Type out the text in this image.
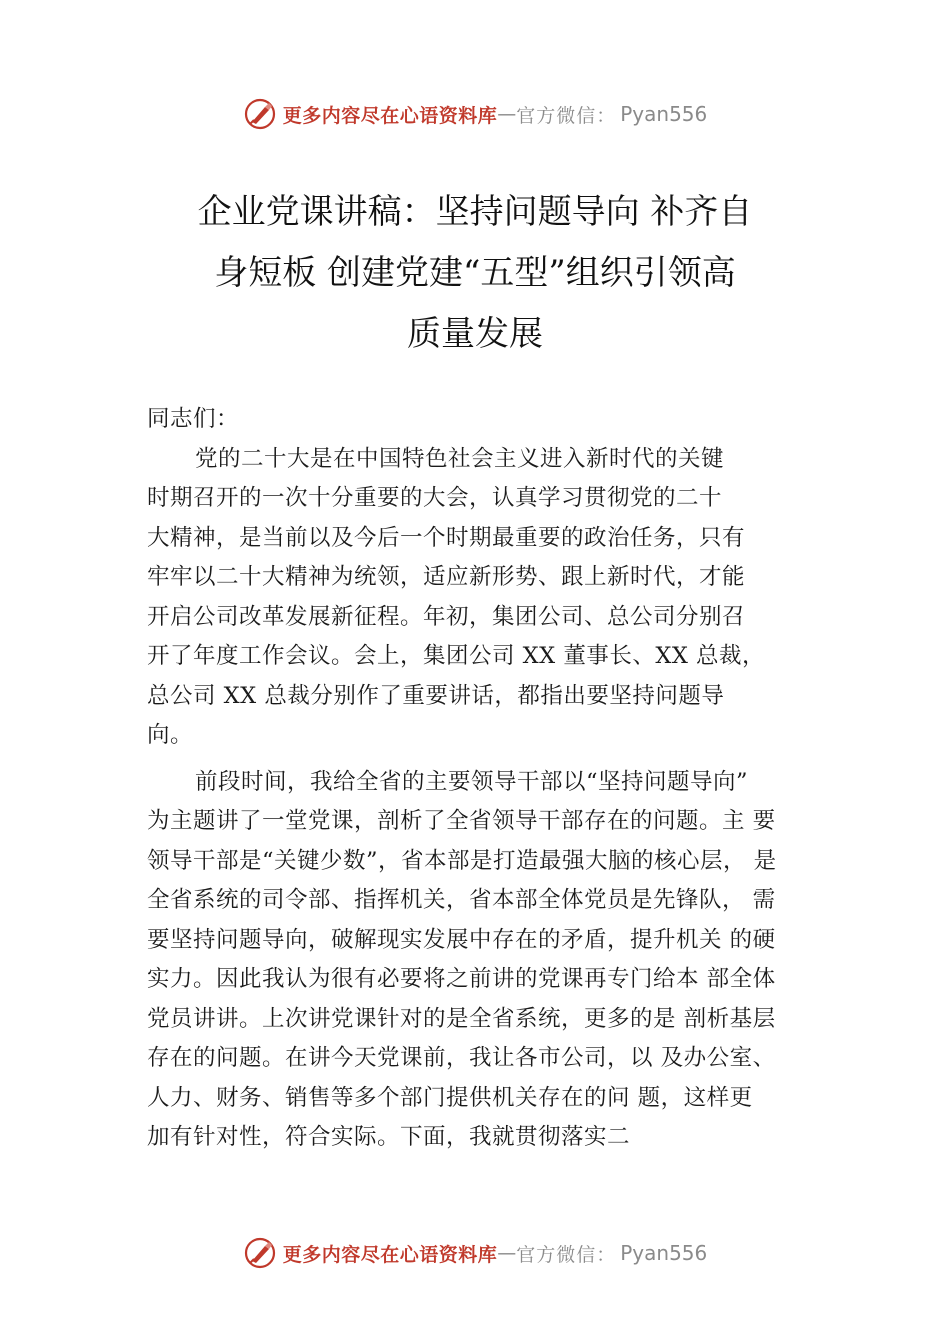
更多内容尽在心语资料库 — 官方微信： Pyan556
企业党课讲稿：坚持问题导向 补齐自
身短板 创建党建“五型”组织引领高
质量发展
同志们：
党的二十大是在中国特色社会主义进入新时代的关键
时期召开的一次十分重要的大会，认真学习贯彻党的二十
大精神，是当前以及今后一个时期最重要的政治任务，只有
牢牢以二十大精神为统领，适应新形势、跟上新时代，才能
开启公司改革发展新征程。年初，集团公司、总公司分别召
开了年度工作会议。会上，集团公司 XX 董事长、XX 总裁，
总公司 XX 总裁分别作了重要讲话，都指出要坚持问题导
向。
前段时间，我给全省的主要领导干部以“坚持问题导向”
为主题讲了一堂党课，剖析了全省领导干部存在的问题。主 要
领导干部是“关键少数”，省本部是打造最强大脑的核心层， 是
全省系统的司令部、指挥机关，省本部全体党员是先锋队， 需
要坚持问题导向，破解现实发展中存在的矛盾，提升机关 的硬
实力。因此我认为很有必要将之前讲的党课再专门给本 部全体
党员讲讲。上次讲党课针对的是全省系统，更多的是 剖析基层
存在的问题。在讲今天党课前，我让各市公司，以 及办公室、
人力、财务、销售等多个部门提供机关存在的问 题，这样更
加有针对性，符合实际。下面，我就贯彻落实二
更多内容尽在心语资料库 — 官方微信： Pyan556
